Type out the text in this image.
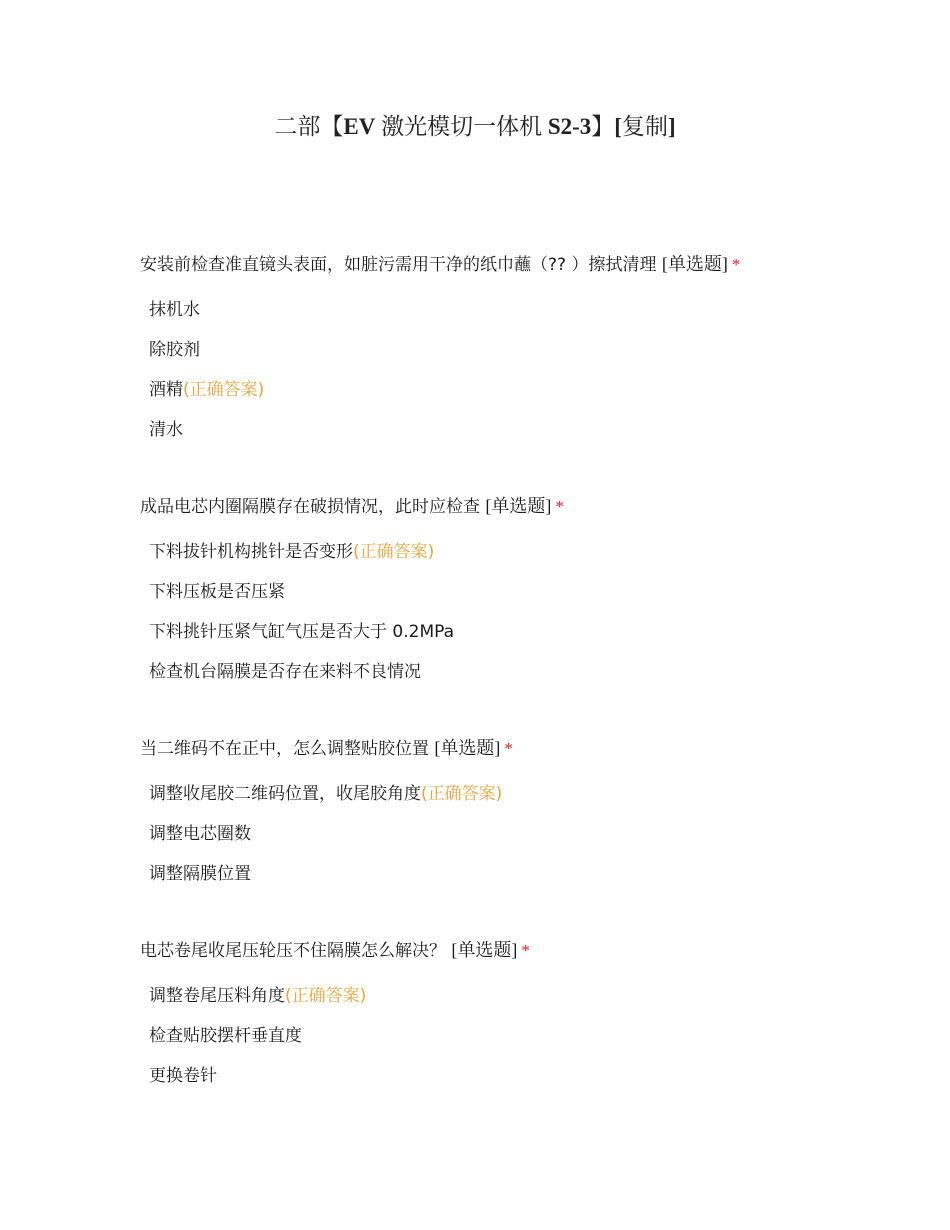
二部【EV 激光模切一体机 S2-3】[复制]
安装前检查准直镜头表面，如脏污需用干净的纸巾蘸（?? ）擦拭清理 [单选题] *
抹机水
除胶剂
酒精(正确答案)
清水
成品电芯内圈隔膜存在破损情况，此时应检查 [单选题] *
下料拔针机构挑针是否变形(正确答案)
下料压板是否压紧
下料挑针压紧气缸气压是否大于 0.2MPa
检查机台隔膜是否存在来料不良情况
当二维码不在正中，怎么调整贴胶位置 [单选题] *
调整收尾胶二维码位置，收尾胶角度(正确答案)
调整电芯圈数
调整隔膜位置
电芯卷尾收尾压轮压不住隔膜怎么解决？ [单选题] *
调整卷尾压料角度(正确答案)
检查贴胶摆杆垂直度
更换卷针
